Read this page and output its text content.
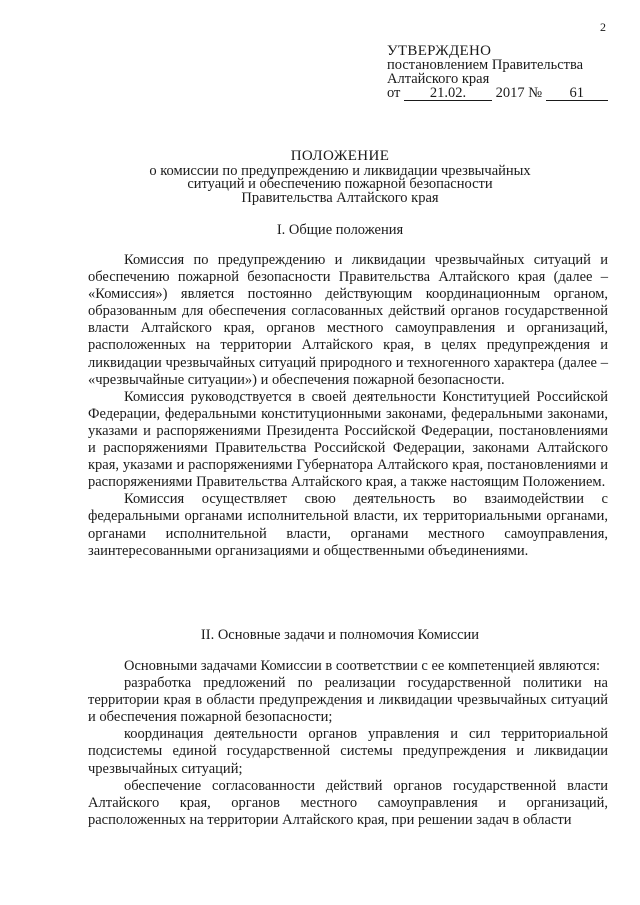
2
УТВЕРЖДЕНО
постановлением Правительства
Алтайского края
от 21.02. 2017 № 61
ПОЛОЖЕНИЕ
о комиссии по предупреждению и ликвидации чрезвычайных
ситуаций и обеспечению пожарной безопасности
Правительства Алтайского края
I. Общие положения

Комиссия по предупреждению и ликвидации чрезвычайных ситуаций и обеспечению пожарной безопасности Правительства Алтайского края (далее – «Комиссия») является постоянно действующим координационным органом, образованным для обеспечения согласованных действий органов государственной власти Алтайского края, органов местного самоуправления и организаций, расположенных на территории Алтайского края, в целях предупреждения и ликвидации чрезвычайных ситуаций природного и техногенного характера (далее – «чрезвычайные ситуации») и обеспечения пожарной безопасности.

Комиссия руководствуется в своей деятельности Конституцией Российской Федерации, федеральными конституционными законами, федеральными законами, указами и распоряжениями Президента Российской Федерации, постановлениями и распоряжениями Правительства Российской Федерации, законами Алтайского края, указами и распоряжениями Губернатора Алтайского края, постановлениями и распоряжениями Правительства Алтайского края, а также настоящим Положением.

Комиссия осуществляет свою деятельность во взаимодействии с федеральными органами исполнительной власти, их территориальными органами, органами исполнительной власти, органами местного самоуправления, заинтересованными организациями и общественными объединениями.

II. Основные задачи и полномочия Комиссии

Основными задачами Комиссии в соответствии с ее компетенцией являются:

разработка предложений по реализации государственной политики на территории края в области предупреждения и ликвидации чрезвычайных ситуаций и обеспечения пожарной безопасности;

координация деятельности органов управления и сил территориальной подсистемы единой государственной системы предупреждения и ликвидации чрезвычайных ситуаций;

обеспечение согласованности действий органов государственной власти Алтайского края, органов местного самоуправления и организаций, расположенных на территории Алтайского края, при решении задач в области
